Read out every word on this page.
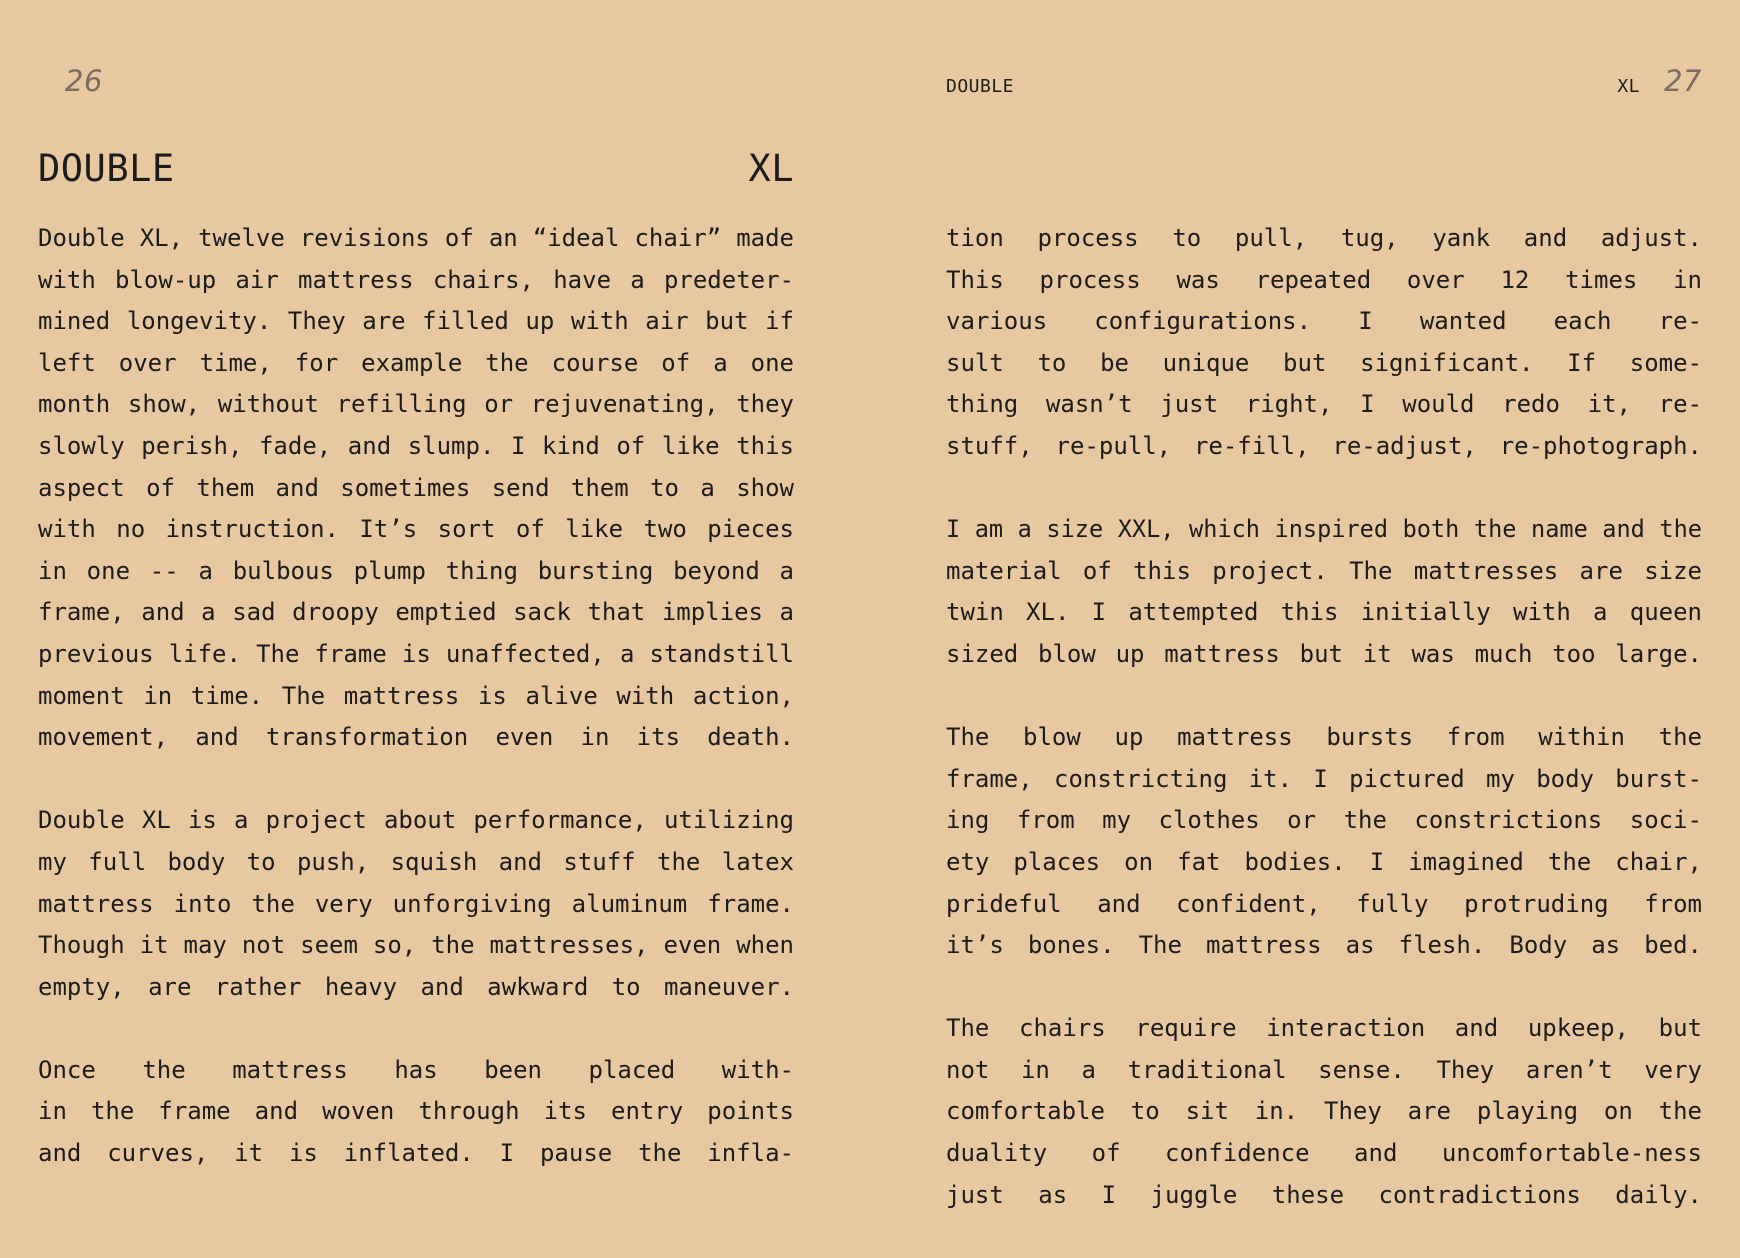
26
DOUBLE	XL
Double XL, twelve revisions of an “ideal chair” made
with blow-up air mattress chairs, have a predeter-
mined longevity. They are filled up with air but if
left over time, for example the course of a one
month show, without refilling or rejuvenating, they
slowly perish, fade, and slump. I kind of like this
aspect of them and sometimes send them to a show
with no instruction. It’s sort of like two pieces
in one -- a bulbous plump thing bursting beyond a
frame, and a sad droopy emptied sack that implies a
previous life. The frame is unaffected, a standstill
moment in time. The mattress is alive with action,
movement, and transformation even in its death.
Double XL is a project about performance, utilizing
my full body to push, squish and stuff the latex
mattress into the very unforgiving aluminum frame.
Though it may not seem so, the mattresses, even when
empty, are rather heavy and awkward to maneuver.
Once the mattress has been placed with-
in the frame and woven through its entry points
and curves, it is inflated. I pause the infla-
DOUBLE	XL 27
tion process to pull, tug, yank and adjust.
This process was repeated over 12 times in
various configurations. I wanted each re-
sult to be unique but significant. If some-
thing wasn’t just right, I would redo it, re-
stuff, re-pull, re-fill, re-adjust, re-photograph.
I am a size XXL, which inspired both the name and the
material of this project. The mattresses are size
twin XL. I attempted this initially with a queen
sized blow up mattress but it was much too large.
The blow up mattress bursts from within the
frame, constricting it. I pictured my body burst-
ing from my clothes or the constrictions soci-
ety places on fat bodies. I imagined the chair,
prideful and confident, fully protruding from
it’s bones. The mattress as flesh. Body as bed.
The chairs require interaction and upkeep, but
not in a traditional sense. They aren’t very
comfortable to sit in. They are playing on the
duality of confidence and uncomfortable-ness
just as I juggle these contradictions daily.
